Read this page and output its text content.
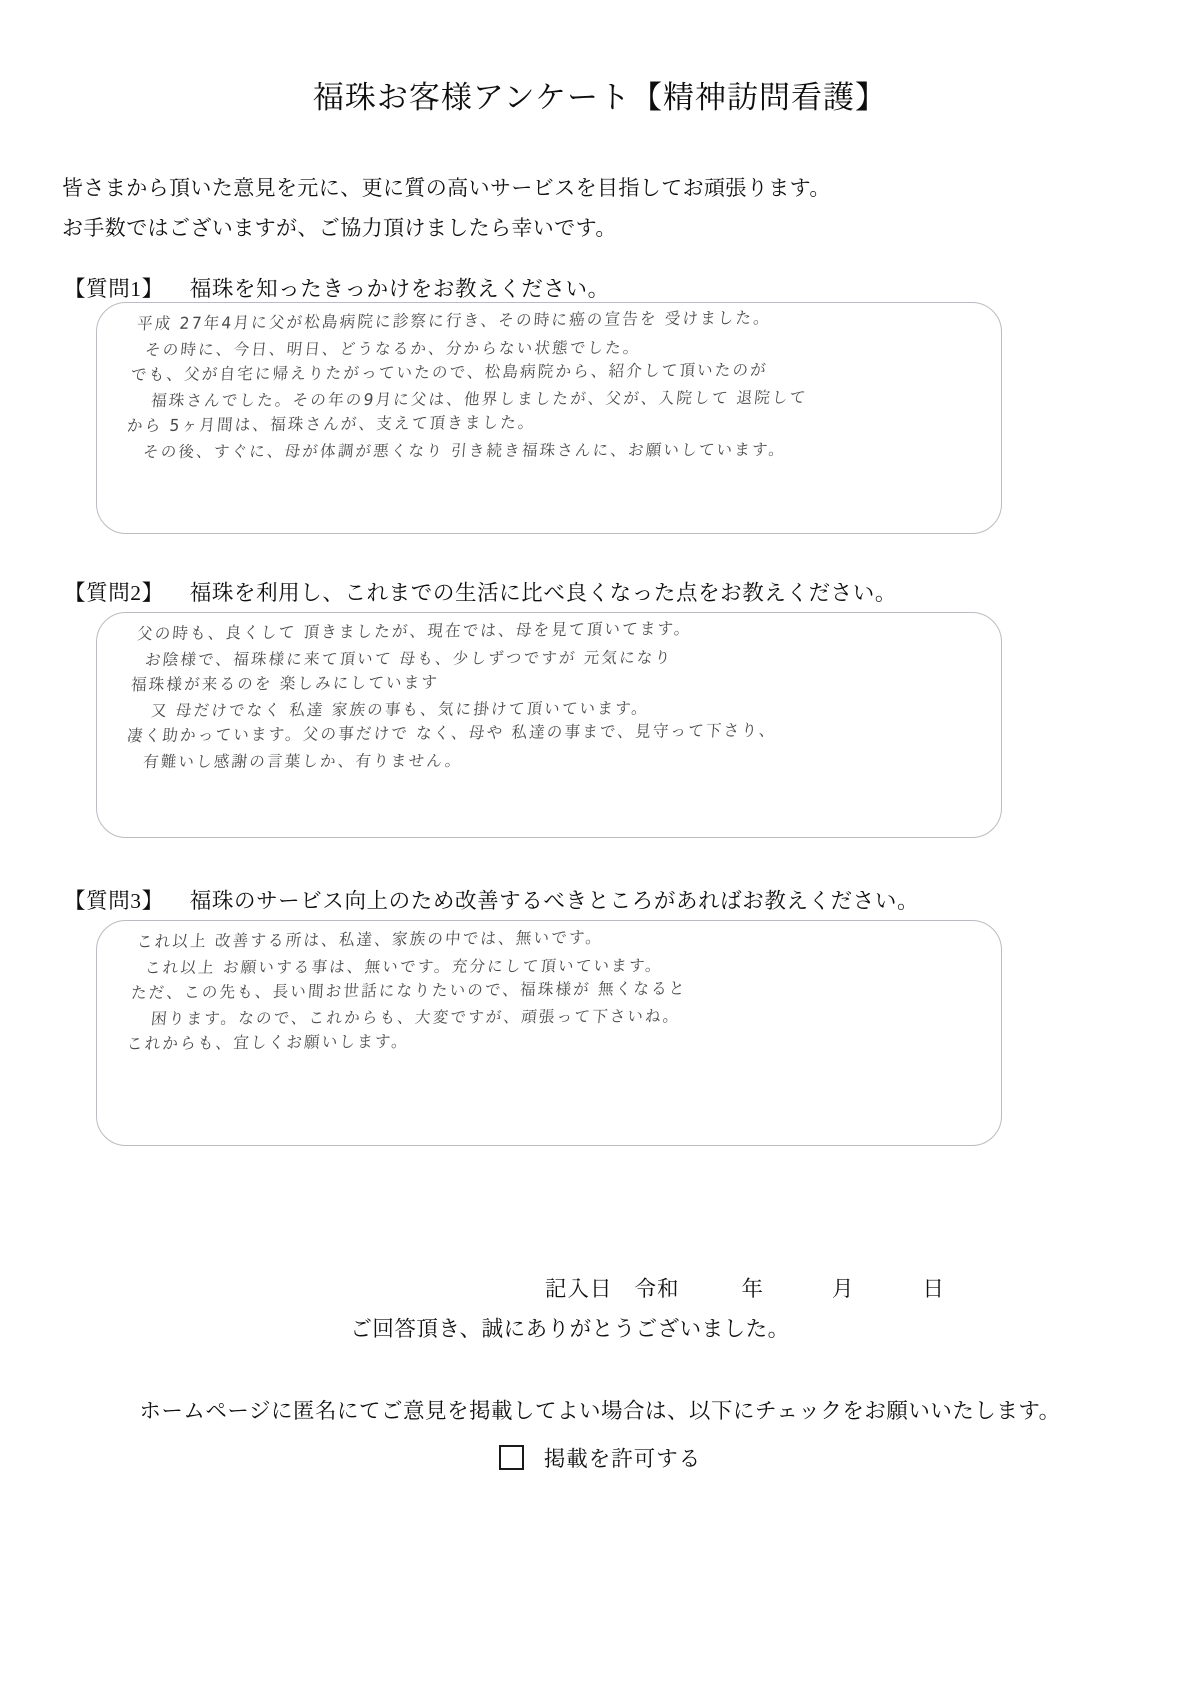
福珠お客様アンケート【精神訪問看護】
皆さまから頂いた意見を元に、更に質の高いサービスを目指してお頑張ります。
お手数ではございますが、ご協力頂けましたら幸いです。
【質問1】 福珠を知ったきっかけをお教えください。
平成 27年4月に父が松島病院に診察に行き、その時に癌の宣告を 受けました。
その時に、今日、明日、どうなるか、分からない状態でした。
でも、父が自宅に帰えりたがっていたので、松島病院から、紹介して頂いたのが
福珠さんでした。その年の9月に父は、他界しましたが、父が、入院して 退院して
から 5ヶ月間は、福珠さんが、支えて頂きました。
その後、すぐに、母が体調が悪くなり 引き続き福珠さんに、お願いしています。
【質問2】 福珠を利用し、これまでの生活に比べ良くなった点をお教えください。
父の時も、良くして 頂きましたが、現在では、母を見て頂いてます。
お陰様で、福珠様に来て頂いて 母も、少しずつですが 元気になり
福珠様が来るのを 楽しみにしています
又 母だけでなく 私達 家族の事も、気に掛けて頂いています。
凄く助かっています。父の事だけで なく、母や 私達の事まで、見守って下さり、
有難いし感謝の言葉しか、有りません。
【質問3】 福珠のサービス向上のため改善するべきところがあればお教えください。
これ以上 改善する所は、私達、家族の中では、無いです。
これ以上 お願いする事は、無いです。充分にして頂いています。
ただ、この先も、長い間お世話になりたいので、福珠様が 無くなると
困ります。なので、これからも、大変ですが、頑張って下さいね。
これからも、宜しくお願いします。
記入日 令和	年	月	日
ご回答頂き、誠にありがとうございました。
ホームページに匿名にてご意見を掲載してよい場合は、以下にチェックをお願いいたします。
掲載を許可する
